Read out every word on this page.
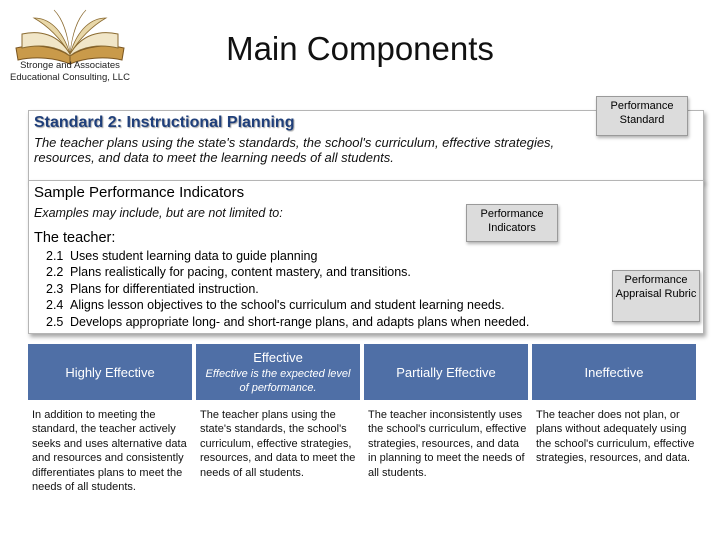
Stronge and Associates Educational Consulting, LLC
Main Components
Standard 2: Instructional Planning
The teacher plans using the state's standards, the school's curriculum, effective strategies, resources, and data to meet the learning needs of all students.
Sample Performance Indicators
Examples may include, but are not limited to:
The teacher:
2.1 Uses student learning data to guide planning
2.2 Plans realistically for pacing, content mastery, and transitions.
2.3 Plans for differentiated instruction.
2.4 Aligns lesson objectives to the school's curriculum and student learning needs.
2.5 Develops appropriate long- and short-range plans, and adapts plans when needed.
Performance Standard
Performance Indicators
Performance Appraisal Rubric
Highly Effective
Effective
Effective is the expected level of performance.
Partially Effective	Ineffective
In addition to meeting the standard, the teacher actively seeks and uses alternative data and resources and consistently differentiates plans to meet the needs of all students.
The teacher plans using the state's standards, the school's curriculum, effective strategies, resources, and data to meet the needs of all students.
The teacher inconsistently uses the school's curriculum, effective strategies, resources, and data in planning to meet the needs of all students.
The teacher does not plan, or plans without adequately using the school's curriculum, effective strategies, resources, and data.
